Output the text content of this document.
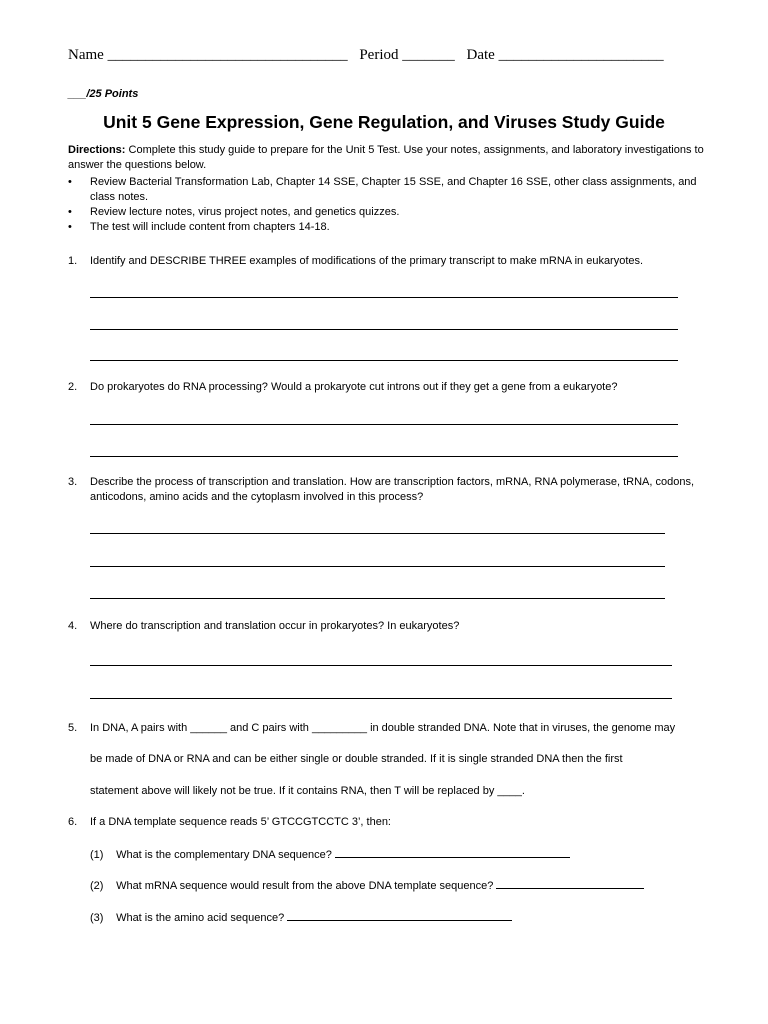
Name ________________________________ Period _______ Date ______________________
___/25 Points
Unit 5 Gene Expression, Gene Regulation, and Viruses Study Guide
Directions: Complete this study guide to prepare for the Unit 5 Test. Use your notes, assignments, and laboratory investigations to answer the questions below.
• Review Bacterial Transformation Lab, Chapter 14 SSE, Chapter 15 SSE, and Chapter 16 SSE, other class assignments, and class notes.
• Review lecture notes, virus project notes, and genetics quizzes.
• The test will include content from chapters 14-18.
1.	Identify and DESCRIBE THREE examples of modifications of the primary transcript to make mRNA in eukaryotes.
2.	Do prokaryotes do RNA processing? Would a prokaryote cut introns out if they get a gene from a eukaryote?
3.	Describe the process of transcription and translation. How are transcription factors, mRNA, RNA polymerase, tRNA, codons, anticodons, amino acids and the cytoplasm involved in this process?
4.	Where do transcription and translation occur in prokaryotes? In eukaryotes?
5.	In DNA, A pairs with ______ and C pairs with _________ in double stranded DNA. Note that in viruses, the genome may
be made of DNA or RNA and can be either single or double stranded. If it is single stranded DNA then the first
statement above will likely not be true. If it contains RNA, then T will be replaced by ____.
6.	If a DNA template sequence reads 5’ GTCCGTCCTC 3’, then:
(1) What is the complementary DNA sequence?
(2) What mRNA sequence would result from the above DNA template sequence?
(3) What is the amino acid sequence?
